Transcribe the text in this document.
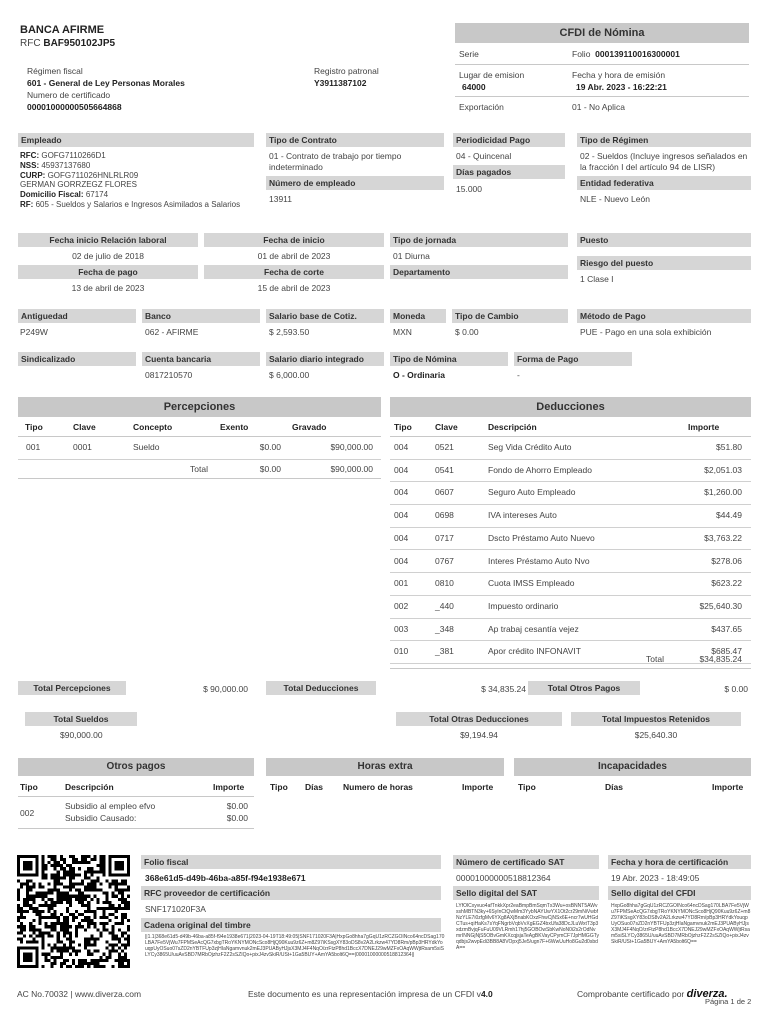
BANCA AFIRME
RFC BAF950102JP5
Régimen fiscal
601 - General de Ley Personas Morales
Numero de certificado
00001000000505664868
Registro patronal
Y3911387102
CFDI de Nómina
Serie	Folio 000139110016300001
Lugar de emision
64000
Fecha y hora de emisión
19 Abr. 2023 - 16:22:21
Exportación	01 - No Aplica
Empleado
RFC: GOFG7110266D1
NSS: 45937137680
CURP: GOFG711026HNLRLR09
GERMAN GORRZEGZ FLORES
Domicilio Fiscal: 67174
RF: 605 - Sueldos y Salarios e Ingresos Asimilados a Salarios
Tipo de Contrato
01 - Contrato de trabajo por tiempo indeterminado
Número de empleado
13911
Periodicidad Pago
04 - Quincenal
Días pagados
15.000
Tipo de Régimen
02 - Sueldos (Incluye ingresos señalados en la fracción I del artículo 94 de LISR)
Entidad federativa
NLE - Nuevo León
Fecha inicio Relación laboral
02 de julio de 2018
Fecha de inicio
01 de abril de 2023
Tipo de jornada
01 Diurna
Puesto
Fecha de pago
13 de abril de 2023
Fecha de corte
15 de abril de 2023
Departamento
Riesgo del puesto
1 Clase I
Antiguedad
P249W
Banco
062 - AFIRME
Salario base de Cotiz.
$ 2,593.50
Moneda
MXN
Tipo de Cambio
$ 0.00
Método de Pago
PUE - Pago en una sola exhibición
Sindicalizado	Cuenta bancaria
0817210570
Salario diario integrado
$ 6,000.00
Tipo de Nómina
O - Ordinaria
Forma de Pago
-
Percepciones
Tipo	Clave	Concepto	Exento	Gravado
001	0001	Sueldo	$0.00	$90,000.00
Total	$0.00	$90,000.00
Deducciones
Tipo	Clave	Descripción	Importe
004	0521	Seg Vida Crédito Auto	$51.80
004	0541	Fondo de Ahorro Empleado	$2,051.03
004	0607	Seguro Auto Empleado	$1,260.00
004	0698	IVA intereses Auto	$44.49
004	0717	Dscto Préstamo Auto Nuevo	$3,763.22
004	0767	Interes Préstamo Auto Nvo	$278.06
001	0810	Cuota IMSS Empleado	$623.22
002	_440	Impuesto ordinario	$25,640.30
003	_348	Ap trabaj cesantía vejez	$437.65
010	_381	Apor crédito INFONAVIT	$685.47
Total	$34,835.24
Total Percepciones	$ 90,000.00	Total Deducciones	$ 34,835.24	Total Otros Pagos	$ 0.00
Total Sueldos
$90,000.00
Total Otras Deducciones
$9,194.94
Total Impuestos Retenidos
$25,640.30
Otros pagos
Tipo	Descripción	Importe
002
Subsidio al empleo efvo	$0.00
Subsidio Causado:	$0.00
Horas extra
Tipo Días Numero de horas	Importe
Incapacidades
Tipo	Días	Importe
Folio fiscal
368e61d5-d49b-46ba-a85f-f94e1938e671
RFC proveedor de certificación
SNF171020F3A
Cadena original del timbre
||1.1|368e61d5-d49b-46ba-a85f-f94e1938e671|2023-04-19T18:49:05|SNF171020F3A|HxpGo8hha7gGqU1zRCZGOINco64ncDSag170LBA7Fe5VjWu7FPMSeAcQG7xbgTRoYKNYMONcSco8HjQ90Kuu9z6Z+m8Z97iKSsgXY83oDS8v2A2Lrkzw47YD8Rm/pBp3HRYdkYouqpUyOSuo07sZD2nYBTFUp3zjHIaNgamvnuk2mEJ3PUAByHJjsX3MJ4F4NqO/zrFtzP8hd1BccX7DNEJ29wMZFxOAqWWjtRsam5siSLYCy3865U/uuAvSBD7MRbOjzhzF2Z2sSZIQo+pixJ4zvSkiR/USt+1Ga5BUY+AmYA5bolt6Q==|00001000000518812364||
Número de certificado SAT
00001000000518812364
Sello digital del SAT
LYfOlCxyvuo4afTnkkXpr2eaBmpBmSqmTx3Wu+osBNNT5AWvsshMBTN3ky+6SyInCtQwMm3YybNAYUwYX1Ot2cr29mNiVwbfNzYLE7i0zfgMv6YXg8AXjBnabKOxzFhwCjNSx6E+ncr7wUHGdCTus+qiHaKs7sYqFNgrbVqbVvXgEGZ4bxUfa38DcJLuWxtT3p3xdzmBvjqFuFuU09VLRmh17hj5GOBOwSbKwNoN0i2s2rOdNvmrINNGjNjS5OBvGmKXcqjsjaTeAgBKVayCPymCF7JpHMGGTyqdbjs2wvpEdi3BB8A8VOpxj5Je5/ugn7F+6WwUuHo8Gu2d0sbdA==
Fecha y hora de certificación
19 Abr. 2023 - 18:49:05
Sello digital del CFDI
HxpGo8hha7gGqU1zRCZGOINco64ncDSag170LBA7Fe5VjWu7FPMSeAcQG7xbgTRoYKNYMONcSco8HjQ90Kuu9z6Z+m8Z97iKSsgXY83oDS8v2A2Lrkzw47YD8Rm/pBp3HRYdkYouqpUyOSuo07sZD2nYBTFUp3zjHIaNgamvnuk2mEJ3PUAByHJjsX3MJ4F4NqO/zrFtzP8hd1BccX7DNEJ29wMZFxOAqWWjtRsam5siSLYCy3865U/uuAvSBD7MRbOjzhzF2Z2sSZIQo+pixJ4zvSkiR/USt+1Ga5BUY+AmYA5bolt6Q==
AC No.70032 | www.diverza.com	Este documento es una representación impresa de un CFDI v4.0	Comprobante certificado por diverza.
Página 1 de 2
